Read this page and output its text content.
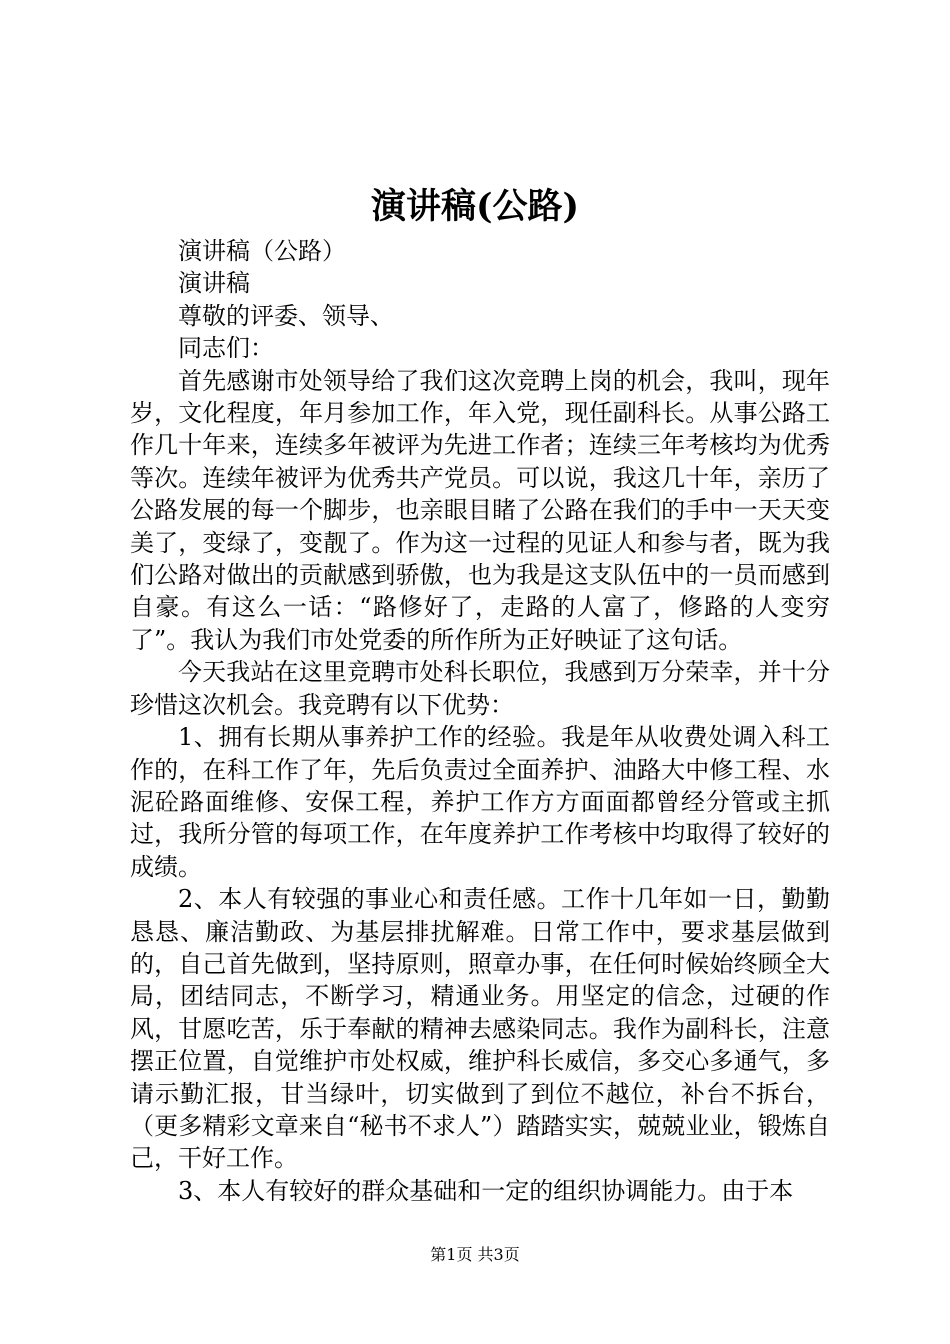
演讲稿(公路)

演讲稿（公路）

演讲稿

尊敬的评委、领导、

同志们：

首先感谢市处领导给了我们这次竞聘上岗的机会，我叫，现年岁，文化程度，年月参加工作，年入党，现任副科长。从事公路工作几十年来，连续多年被评为先进工作者；连续三年考核均为优秀等次。连续年被评为优秀共产党员。可以说，我这几十年，亲历了公路发展的每一个脚步，也亲眼目睹了公路在我们的手中一天天变美了，变绿了，变靓了。作为这一过程的见证人和参与者，既为我们公路对做出的贡献感到骄傲，也为我是这支队伍中的一员而感到自豪。有这么一话：“路修好了，走路的人富了，修路的人变穷了”。我认为我们市处党委的所作所为正好映证了这句话。

今天我站在这里竞聘市处科长职位，我感到万分荣幸，并十分珍惜这次机会。我竞聘有以下优势：

1、拥有长期从事养护工作的经验。我是年从收费处调入科工作的，在科工作了年，先后负责过全面养护、油路大中修工程、水泥砼路面维修、安保工程，养护工作方方面面都曾经分管或主抓过，我所分管的每项工作，在年度养护工作考核中均取得了较好的成绩。

2、本人有较强的事业心和责任感。工作十几年如一日，勤勤恳恳、廉洁勤政、为基层排扰解难。日常工作中，要求基层做到的，自己首先做到，坚持原则，照章办事，在任何时候始终顾全大局，团结同志，不断学习，精通业务。用坚定的信念，过硬的作风，甘愿吃苦，乐于奉献的精神去感染同志。我作为副科长，注意摆正位置，自觉维护市处权威，维护科长威信，多交心多通气，多请示勤汇报，甘当绿叶，切实做到了到位不越位，补台不拆台，（更多精彩文章来自“秘书不求人”）踏踏实实，兢兢业业，锻炼自己，干好工作。

3、本人有较好的群众基础和一定的组织协调能力。由于本

第1页 共3页
